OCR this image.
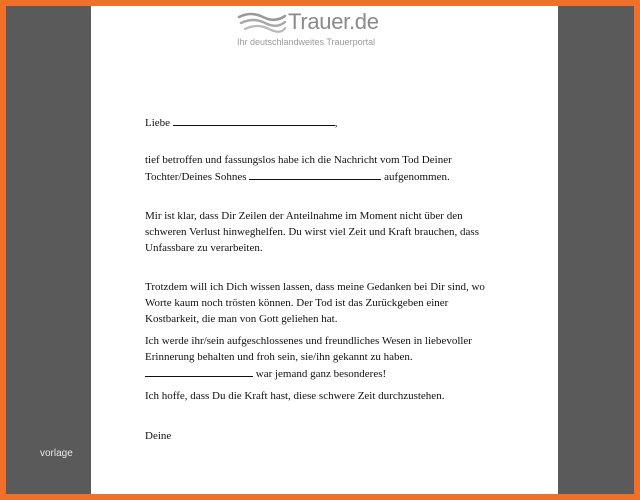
vorlage
Trauer.de
Ihr deutschlandweites Trauerportal

Liebe	,

tief betroffen und fassungslos habe ich die Nachricht vom Tod Deiner
Tochter/Deines Sohnes	aufgenommen.

Mir ist klar, dass Dir Zeilen der Anteilnahme im Moment nicht über den
schweren Verlust hinweghelfen. Du wirst viel Zeit und Kraft brauchen, dass
Unfassbare zu verarbeiten.

Trotzdem will ich Dich wissen lassen, dass meine Gedanken bei Dir sind, wo
Worte kaum noch trösten können. Der Tod ist das Zurückgeben einer
Kostbarkeit, die man von Gott geliehen hat.

Ich werde ihr/sein aufgeschlossenes und freundliches Wesen in liebevoller
Erinnerung behalten und froh sein, sie/ihn gekannt zu haben.
war jemand ganz besonderes!

Ich hoffe, dass Du die Kraft hast, diese schwere Zeit durchzustehen.

Deine
